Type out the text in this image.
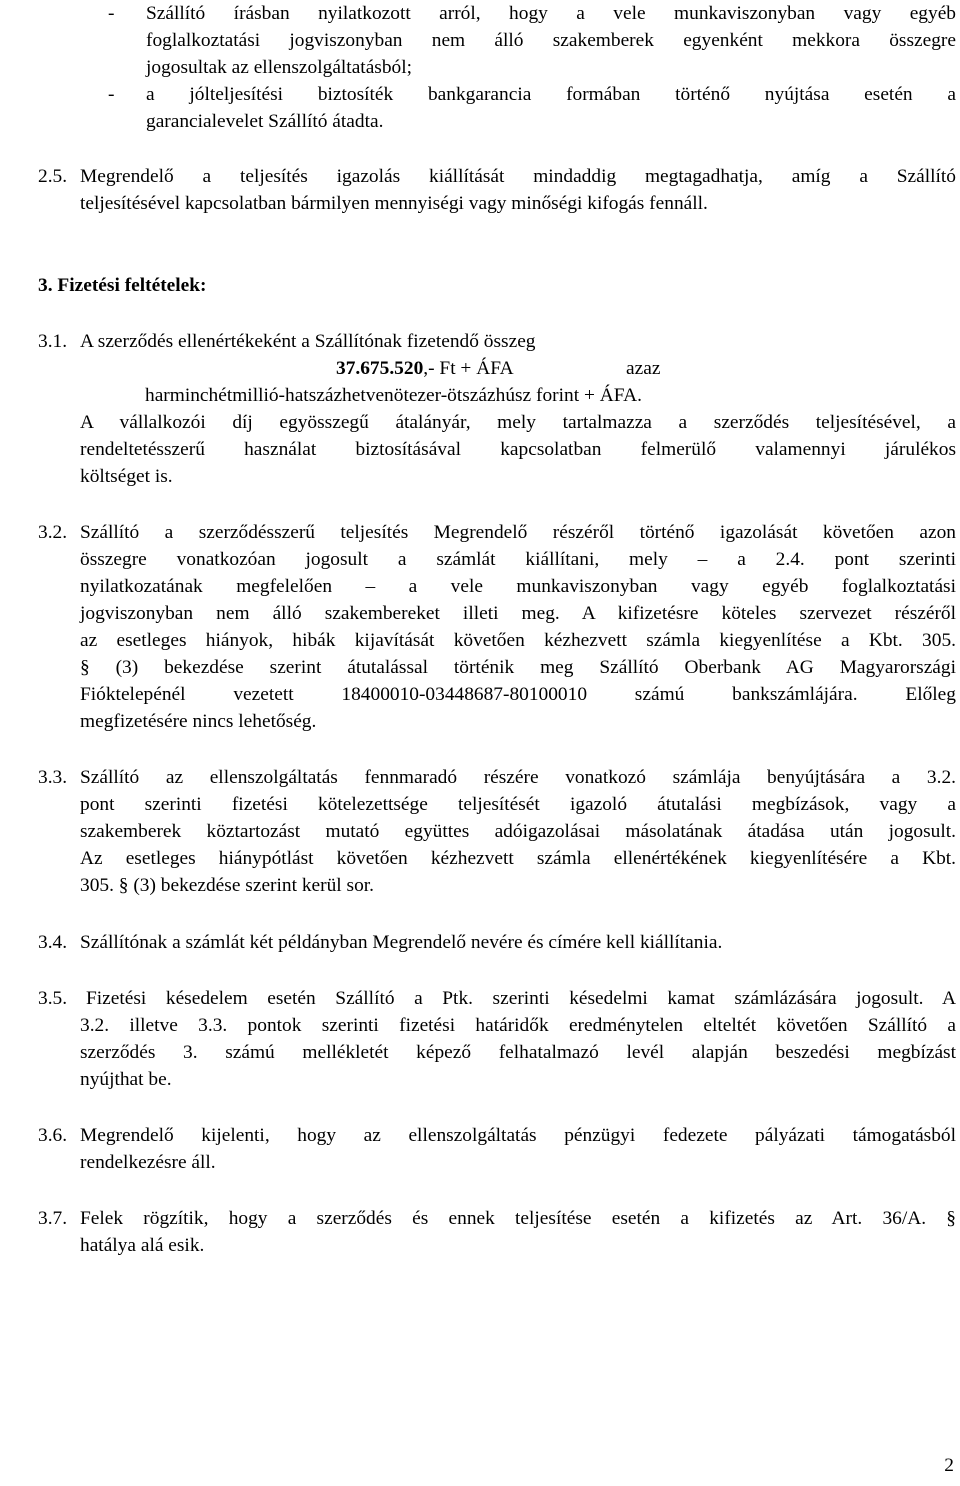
- Szállító írásban nyilatkozott arról, hogy a vele munkaviszonyban vagy egyéb
foglalkoztatási jogviszonyban nem álló szakemberek egyenként mekkora összegre
jogosultak az ellenszolgáltatásból;
- a jólteljesítési biztosíték bankgarancia formában történő nyújtása esetén a
garancialevelet Szállító átadta.
2.5. Megrendelő a teljesítés igazolás kiállítását mindaddig megtagadhatja, amíg a Szállító
teljesítésével kapcsolatban bármilyen mennyiségi vagy minőségi kifogás fennáll.
3. Fizetési feltételek:
3.1. A szerződés ellenértékeként a Szállítónak fizetendő összeg
37.675.520,- Ft + ÁFA	azaz
harminchétmillió-hatszázhetvenötezer-ötszázhúsz forint + ÁFA.
A vállalkozói díj egyösszegű átalányár, mely tartalmazza a szerződés teljesítésével, a
rendeltetésszerű használat biztosításával kapcsolatban felmerülő valamennyi járulékos
költséget is.
3.2. Szállító a szerződésszerű teljesítés Megrendelő részéről történő igazolását követően azon
összegre vonatkozóan jogosult a számlát kiállítani, mely – a 2.4. pont szerinti
nyilatkozatának megfelelően – a vele munkaviszonyban vagy egyéb foglalkoztatási
jogviszonyban nem álló szakembereket illeti meg. A kifizetésre köteles szervezet részéről
az esetleges hiányok, hibák kijavítását követően kézhezvett számla kiegyenlítése a Kbt. 305.
§ (3) bekezdése szerint átutalással történik meg Szállító Oberbank AG Magyarországi
Fióktelepénél vezetett 18400010-03448687-80100010 számú bankszámlájára. Előleg
megfizetésére nincs lehetőség.
3.3. Szállító az ellenszolgáltatás fennmaradó részére vonatkozó számlája benyújtására a 3.2.
pont szerinti fizetési kötelezettsége teljesítését igazoló átutalási megbízások, vagy a
szakemberek köztartozást mutató együttes adóigazolásai másolatának átadása után jogosult.
Az esetleges hiánypótlást követően kézhezvett számla ellenértékének kiegyenlítésére a Kbt.
305. § (3) bekezdése szerint kerül sor.
3.4. Szállítónak a számlát két példányban Megrendelő nevére és címére kell kiállítania.
3.5. Fizetési késedelem esetén Szállító a Ptk. szerinti késedelmi kamat számlázására jogosult. A
3.2. illetve 3.3. pontok szerinti fizetési határidők eredménytelen elteltét követően Szállító a
szerződés 3. számú mellékletét képező felhatalmazó levél alapján beszedési megbízást
nyújthat be.
3.6. Megrendelő kijelenti, hogy az ellenszolgáltatás pénzügyi fedezete pályázati támogatásból
rendelkezésre áll.
3.7. Felek rögzítik, hogy a szerződés és ennek teljesítése esetén a kifizetés az Art. 36/A. §
hatálya alá esik.
2
